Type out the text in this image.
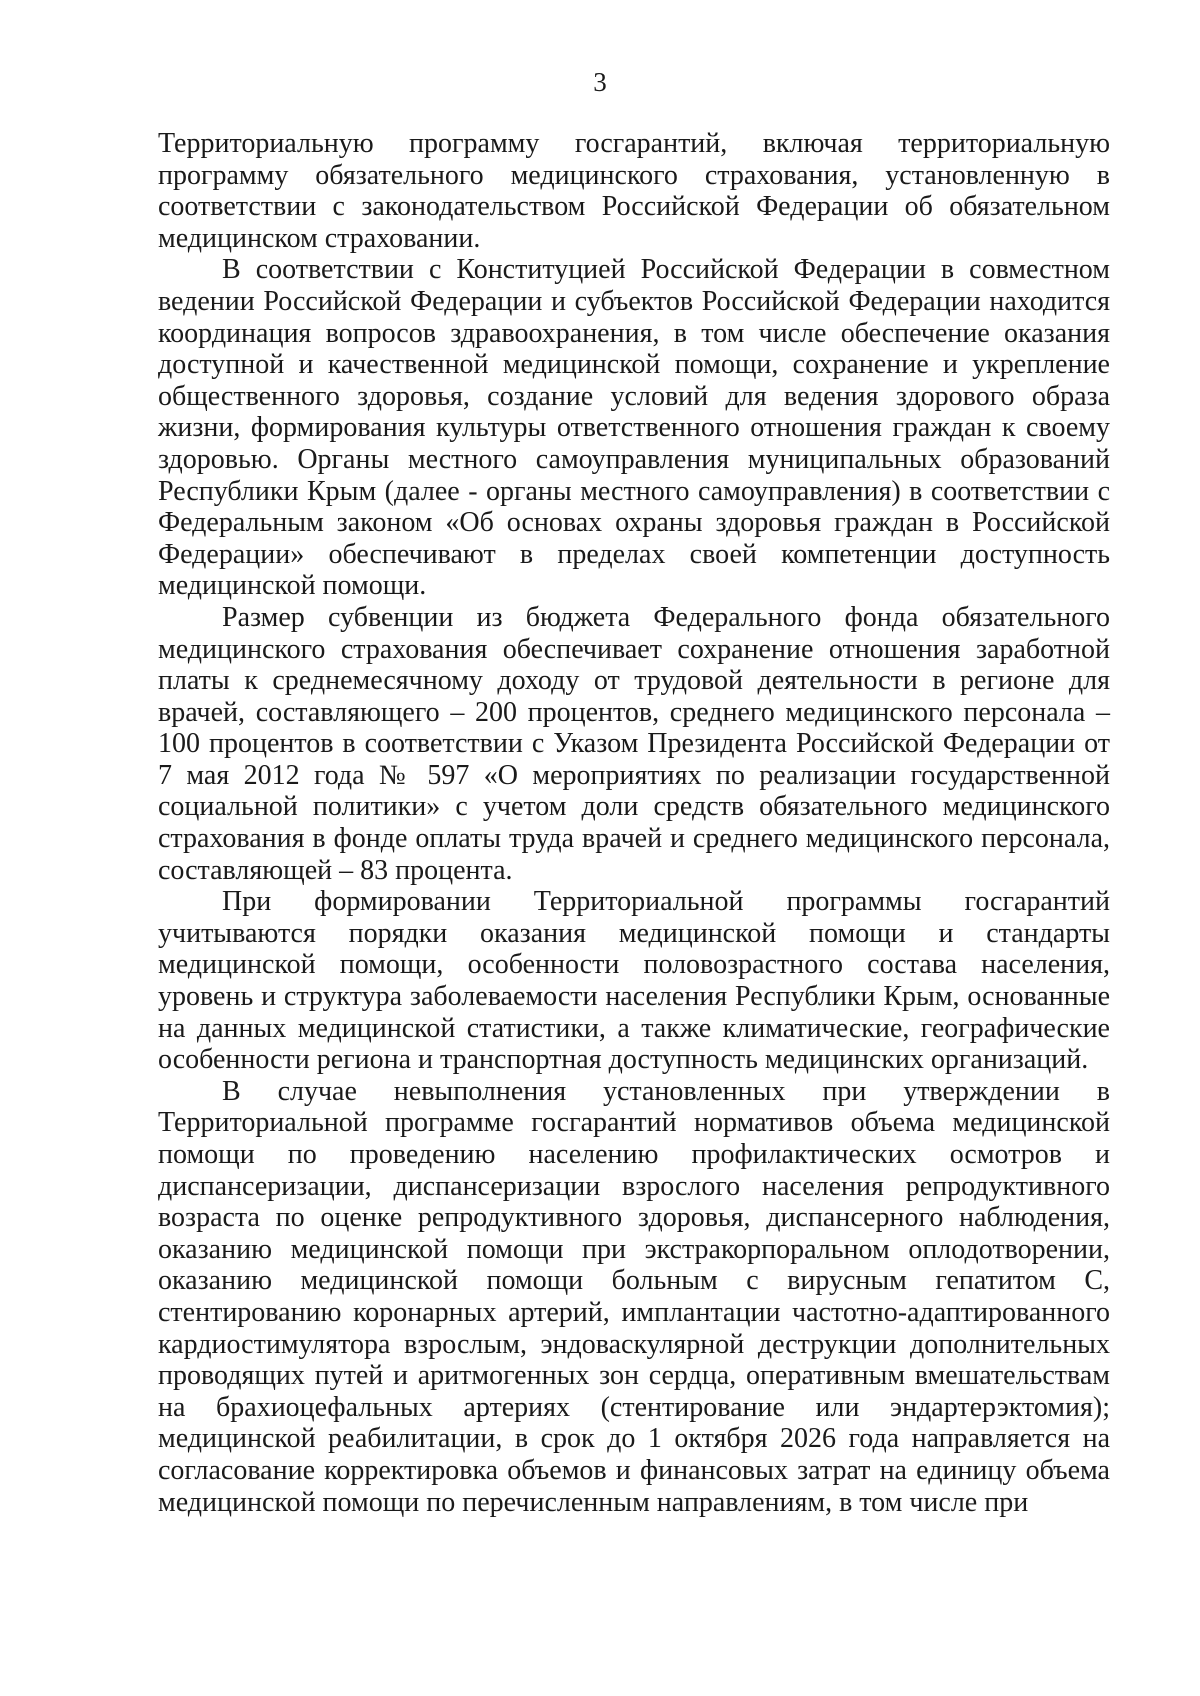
3

Территориальную программу госгарантий, включая территориальную программу обязательного медицинского страхования, установленную в соответствии с законодательством Российской Федерации об обязательном медицинском страховании.

В соответствии с Конституцией Российской Федерации в совместном ведении Российской Федерации и субъектов Российской Федерации находится координация вопросов здравоохранения, в том числе обеспечение оказания доступной и качественной медицинской помощи, сохранение и укрепление общественного здоровья, создание условий для ведения здорового образа жизни, формирования культуры ответственного отношения граждан к своему здоровью. Органы местного самоуправления муниципальных образований Республики Крым (далее - органы местного самоуправления) в соответствии с Федеральным законом «Об основах охраны здоровья граждан в Российской Федерации» обеспечивают в пределах своей компетенции доступность медицинской помощи.

Размер субвенции из бюджета Федерального фонда обязательного медицинского страхования обеспечивает сохранение отношения заработной платы к среднемесячному доходу от трудовой деятельности в регионе для врачей, составляющего – 200 процентов, среднего медицинского персонала – 100 процентов в соответствии с Указом Президента Российской Федерации от 7 мая 2012 года № 597 «О мероприятиях по реализации государственной социальной политики» с учетом доли средств обязательного медицинского страхования в фонде оплаты труда врачей и среднего медицинского персонала, составляющей – 83 процента.

При формировании Территориальной программы госгарантий учитываются порядки оказания медицинской помощи и стандарты медицинской помощи, особенности половозрастного состава населения, уровень и структура заболеваемости населения Республики Крым, основанные на данных медицинской статистики, а также климатические, географические особенности региона и транспортная доступность медицинских организаций.

В случае невыполнения установленных при утверждении в Территориальной программе госгарантий нормативов объема медицинской помощи по проведению населению профилактических осмотров и диспансеризации, диспансеризации взрослого населения репродуктивного возраста по оценке репродуктивного здоровья, диспансерного наблюдения, оказанию медицинской помощи при экстракорпоральном оплодотворении, оказанию медицинской помощи больным с вирусным гепатитом С, стентированию коронарных артерий, имплантации частотно-адаптированного кардиостимулятора взрослым, эндоваскулярной деструкции дополнительных проводящих путей и аритмогенных зон сердца, оперативным вмешательствам на брахиоцефальных артериях (стентирование или эндартерэктомия); медицинской реабилитации, в срок до 1 октября 2026 года направляется на согласование корректировка объемов и финансовых затрат на единицу объема медицинской помощи по перечисленным направлениям, в том числе при
